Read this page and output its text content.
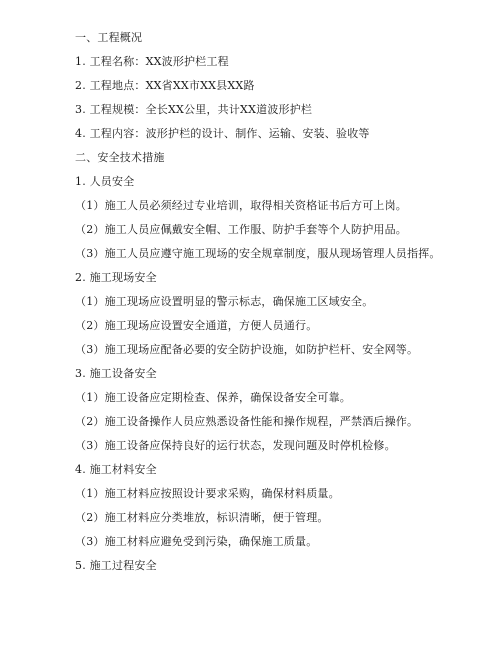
一、工程概况
1. 工程名称：XX波形护栏工程
2. 工程地点：XX省XX市XX县XX路
3. 工程规模：全长XX公里，共计XX道波形护栏
4. 工程内容：波形护栏的设计、制作、运输、安装、验收等
二、安全技术措施
1. 人员安全
（1）施工人员必须经过专业培训，取得相关资格证书后方可上岗。
（2）施工人员应佩戴安全帽、工作服、防护手套等个人防护用品。
（3）施工人员应遵守施工现场的安全规章制度，服从现场管理人员指挥。
2. 施工现场安全
（1）施工现场应设置明显的警示标志，确保施工区域安全。
（2）施工现场应设置安全通道，方便人员通行。
（3）施工现场应配备必要的安全防护设施，如防护栏杆、安全网等。
3. 施工设备安全
（1）施工设备应定期检查、保养，确保设备安全可靠。
（2）施工设备操作人员应熟悉设备性能和操作规程，严禁酒后操作。
（3）施工设备应保持良好的运行状态，发现问题及时停机检修。
4. 施工材料安全
（1）施工材料应按照设计要求采购，确保材料质量。
（2）施工材料应分类堆放，标识清晰，便于管理。
（3）施工材料应避免受到污染，确保施工质量。
5. 施工过程安全
